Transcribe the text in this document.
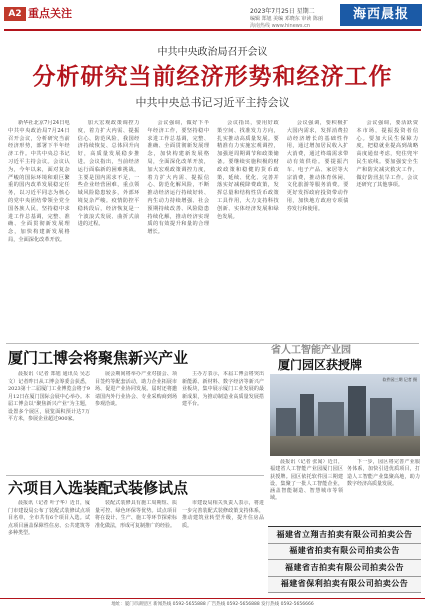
A2 重点关注	2023年7月25日 星期二
编辑 郑旭 美编 邓晓东 审读 陈丽
海南热线 www.hinews.cn
海西晨报
中共中央政治局召开会议
分析研究当前经济形势和经济工作
中共中央总书记习近平主持会议

新华社北京7月24日电 中共中央政治局7月24日召开会议，分析研究当前经济形势，部署下半年经济工作。中共中央总书记习近平主持会议。会议认为，今年以来，面对复杂严峻的国际环境和艰巨繁重的国内改革发展稳定任务，以习近平同志为核心的党中央团结带领全党全国各族人民，坚持稳中求进工作总基调，完整、准确、全面贯彻新发展理念，加快构建新发展格局，全面深化改革开放。

加大宏观政策调控力度，着力扩大内需、提振信心、防范风险，我国经济持续恢复、总体回升向好，高质量发展稳步推进。会议指出，当前经济运行面临新的困难挑战，主要是国内需求不足，一些企业经营困难，重点领域风险隐患较多，外部环境复杂严峻。疫情防控平稳转段后，经济恢复是一个波浪式发展、曲折式前进的过程。

会议强调，做好下半年经济工作，要坚持稳中求进工作总基调，完整、准确、全面贯彻新发展理念，加快构建新发展格局，全面深化改革开放，加大宏观政策调控力度，着力扩大内需、提振信心、防范化解风险，不断推动经济运行持续好转、内生动力持续增强、社会预期持续改善、风险隐患持续化解，推动经济实现质的有效提升和量的合理增长。

会议指出，要用好政策空间、找准发力方向，扎实推动高质量发展。要精准有力实施宏观调控，加强逆周期调节和政策储备。要继续实施积极的财政政策和稳健的货币政策，延续、优化、完善并落实好减税降费政策，发挥总量和结构性货币政策工具作用，大力支持科技创新、实体经济发展和绿色发展。

会议强调，要积极扩大国内需求，发挥消费拉动经济增长的基础性作用，通过增加居民收入扩大消费，通过终端需求带动有效供给。要提振汽车、电子产品、家居等大宗消费，推动体育休闲、文化旅游等服务消费。要更好发挥政府投资带动作用，加快地方政府专项债券发行和使用。

会议强调，要活跃资本市场，提振投资者信心。要加大民生保障力度，把稳就业提高到战略高度通盘考虑，兜住兜牢民生底线。要加强安全生产和防灾减灾救灾工作，做好防汛抗旱工作。会议还研究了其他事项。

厦门工博会将聚焦新兴产业

晨报讯（记者 郑旭 通讯员 吴志文）记者昨日从工博会筹委会获悉，2023第十二届厦门工业博览会将于9月12日在厦门国际会展中心举办。本届工博会以“聚焦新兴产业”为主题，设置多个展区，展览面积预计达7万平方米，参展企业超过900家。

展会期间将举办产业对接会、项目签约等配套活动，助力企业拓展市场、促进产业协同发展。届时还将邀请国内外行业协会、专业采购商到场参观洽谈。

主办方表示，本届工博会将突出新能源、新材料、数字经济等新兴产业板块，集中展示厦门工业发展的最新成果，为推动制造业高质量发展搭建平台。

省人工智能产业园
厦门园区获授牌
软件园三期 记者 摄

晨报讯（记者 张闻）近日，福建省人工智能产业园厦门园区获授牌。园区依托软件园三期建设，集聚了一批人工智能企业，涵盖智能制造、智慧城市等领域。

下一步，园区将完善产业服务体系，加快引进优质项目，打造人工智能产业集聚高地，助力数字经济高质量发展。

六项目入选装配式装修试点

晨报讯（记者 叶子华）近日，厦门市建设局公布了装配式装修试点项目名单，全市共有6个项目入选。试点项目涵盖保障性住房、公共建筑等多种类型。

装配式装修具有施工周期短、质量可控、绿色环保等优势。试点项目将在设计、生产、施工等环节探索标准化做法，形成可复制推广的经验。

市建设局相关负责人表示，将进一步完善装配式装修政策支持体系，推动建筑业转型升级，提升住房品质。

福建省立翔吉拍卖有限公司拍卖公告
福建省拍卖有限公司拍卖公告
福建省吉拍卖有限公司拍卖公告
福建省保利拍卖有限公司拍卖公告
地址：厦门市湖里区 新闻热线 0592-5655888 广告热线 0592-5656888 发行热线 0592-5656666
